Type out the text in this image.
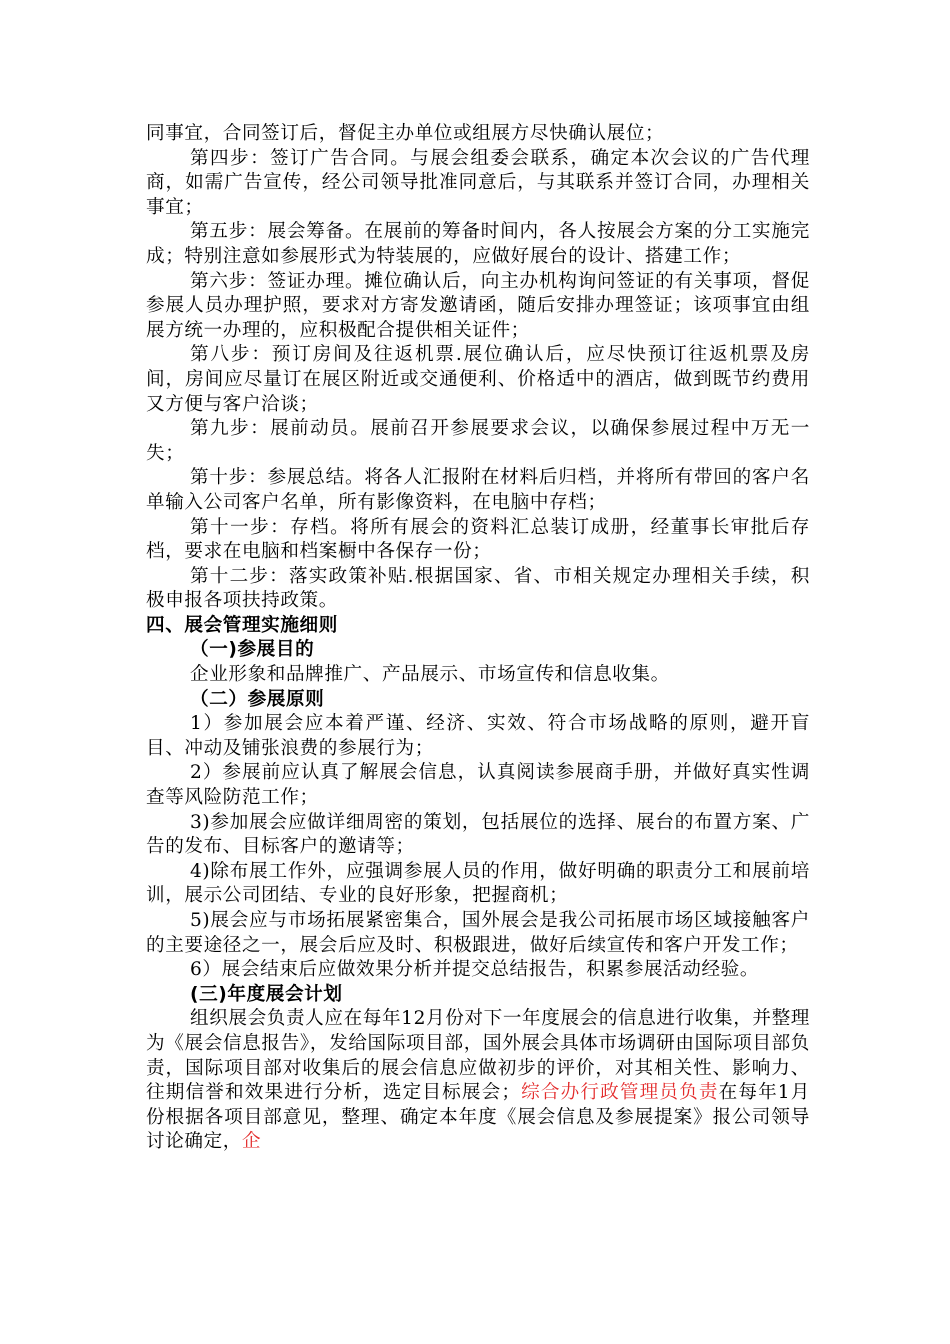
同事宜，合同签订后，督促主办单位或组展方尽快确认展位；

第四步：签订广告合同。与展会组委会联系，确定本次会议的广告代理商，如需广告宣传，经公司领导批准同意后，与其联系并签订合同，办理相关事宜；

第五步：展会筹备。在展前的筹备时间内，各人按展会方案的分工实施完成；特别注意如参展形式为特装展的，应做好展台的设计、搭建工作；

第六步：签证办理。摊位确认后，向主办机构询问签证的有关事项，督促参展人员办理护照，要求对方寄发邀请函，随后安排办理签证；该项事宜由组展方统一办理的，应积极配合提供相关证件；

第八步：预订房间及往返机票.展位确认后，应尽快预订往返机票及房间，房间应尽量订在展区附近或交通便利、价格适中的酒店，做到既节约费用又方便与客户洽谈；

第九步：展前动员。展前召开参展要求会议，以确保参展过程中万无一失；

第十步：参展总结。将各人汇报附在材料后归档，并将所有带回的客户名单输入公司客户名单，所有影像资料，在电脑中存档；

第十一步：存档。将所有展会的资料汇总装订成册，经董事长审批后存档，要求在电脑和档案橱中各保存一份；

第十二步：落实政策补贴.根据国家、省、市相关规定办理相关手续，积极申报各项扶持政策。

四、展会管理实施细则

（一)参展目的

企业形象和品牌推广、产品展示、市场宣传和信息收集。

（二）参展原则

1）参加展会应本着严谨、经济、实效、符合市场战略的原则，避开盲目、冲动及铺张浪费的参展行为；

2）参展前应认真了解展会信息，认真阅读参展商手册，并做好真实性调查等风险防范工作；

3)参加展会应做详细周密的策划，包括展位的选择、展台的布置方案、广告的发布、目标客户的邀请等；

4)除布展工作外，应强调参展人员的作用，做好明确的职责分工和展前培训，展示公司团结、专业的良好形象，把握商机；

5)展会应与市场拓展紧密集合，国外展会是我公司拓展市场区域接触客户的主要途径之一，展会后应及时、积极跟进，做好后续宣传和客户开发工作；

6）展会结束后应做效果分析并提交总结报告，积累参展活动经验。

(三)年度展会计划

组织展会负责人应在每年12月份对下一年度展会的信息进行收集，并整理为《展会信息报告》，发给国际项目部，国外展会具体市场调研由国际项目部负责，国际项目部对收集后的展会信息应做初步的评价，对其相关性、影响力、往期信誉和效果进行分析，选定目标展会；综合办行政管理员负责在每年1月份根据各项目部意见，整理、确定本年度《展会信息及参展提案》报公司领导讨论确定，企
